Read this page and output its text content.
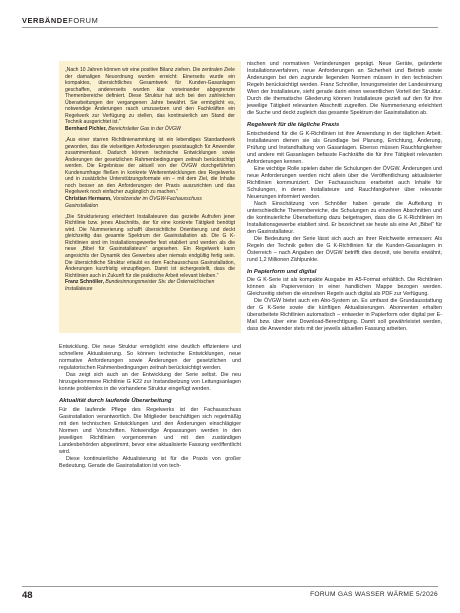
VERBÄNDEFORUM

„Nach 10 Jahren können wir eine positive Bilanz ziehen. Die zentralen Ziele der damaligen Neuordnung wurden erreicht: Einerseits wurde ein kompaktes, übersichtliches Gesamtwerk für Kunden-Gasanlagen geschaffen, andererseits wurden klar voneinander abgegrenzte Themenbereiche definiert. Diese Struktur hat sich bei den zahlreichen Überarbeitungen der vergangenen Jahre bewährt. Sie ermöglicht es, notwendige Änderungen rasch umzusetzen und den Fachkräften ein Regelwerk zur Verfügung zu stellen, das kontinuierlich am Stand der Technik ausgerichtet ist.“

Bernhard Pichler, Bereichsleiter Gas in der ÖVGW

„Aus einer starren Richtlinienammlung ist ein lebendiges Standardwerk geworden, das die vielseitigen Anforderungen praxistauglich für Anwender zusammenfasst. Dadurch können technische Entwicklungen sowie Änderungen der gesetzlichen Rahmenbedingungen zeitnah berücksichtigt werden. Die Ergebnisse der aktuell von der ÖVGW durchgeführten Kundenumfrage fließen in konkrete Weiterentwicklungen des Regelwerks und in zusätzliche Unterstützungsformate ein – mit dem Ziel, die Inhalte noch besser an den Anforderungen der Praxis auszurichten und das Regelwerk noch einfacher zugänglich zu machen.“

Christian Hermann, Vorsitzender im ÖVGW-Fachausschuss Gasinstallation

„Die Strukturierung erleichtert Installateuren das gezielte Aufrufen jener Richtlinie bzw. jenes Abschnitts, der für eine konkrete Tätigkeit benötigt wird. Die Nummerierung schafft übersichtliche Orientierung und deckt gleichzeitig das gesamte Spektrum der Gasinstallation ab. Die G K-Richtlinien sind im Installationsgewerbe fest etabliert und werden als die neue „Bibel für Gasinstallateure“ angesehen. Ein Regelwerk kann angesichts der Dynamik des Gewerbes aber niemals endgültig fertig sein. Die übersichtliche Struktur erlaubt es dem Fachausschuss Gasinstallation, Änderungen kurzfristig einzupflegen. Damit ist sichergestellt, dass die Richtlinien auch in Zukunft für die praktische Arbeit relevant bleiben.“

Franz Schnöller, Bundesinnungsmeister Stv. der Österreichischen Installateure

Entwicklung. Die neue Struktur ermöglicht eine deutlich effizientere und schnellere Aktualisierung. So können technische Entwicklungen, neue normative Anforderungen sowie Änderungen der gesetzlichen und regulatorischen Rahmenbedingungen zeitnah berücksichtigt werden.

Das zeigt sich auch an der Entwicklung der Serie selbst. Die neu hinzugekommene Richtlinie G K22 zur Instandsetzung von Leitungsanlagen konnte problemlos in die vorhandene Struktur eingefügt werden.

Aktualität durch laufende Überarbeitung

Für die laufende Pflege des Regelwerks ist der Fachausschuss Gasinstallation verantwortlich. Die Mitglieder beschäftigen sich regelmäßig mit den technischen Entwicklungen und den Änderungen einschlägiger Normen und Vorschriften. Notwendige Anpassungen werden in den jeweiligen Richtlinien vorgenommen und mit den zuständigen Landesbehörden abgestimmt, bevor eine aktualisierte Fassung veröffentlicht wird.

Diese kontinuierliche Aktualisierung ist für die Praxis von großer Bedeutung. Gerade die Gasinstallation ist von tech-

nischen und normativen Veränderungen geprägt. Neue Geräte, geänderte Installationsverfahren, neue Anforderungen an Sicherheit und Betrieb sowie Änderungen bei den zugrunde liegenden Normen müssen in den technischen Regeln berücksichtigt werden. Franz Schnöller, Innungsmeister der Landesinnung Wien der Installateure, sieht gerade darin einen wesentlichen Vorteil der Struktur. Durch die thematische Gliederung können Installateure gezielt auf den für ihre jeweilige Tätigkeit relevanten Abschnitt zugreifen. Die Nummerierung erleichtert die Suche und deckt zugleich das gesamte Spektrum der Gasinstallation ab.

Regelwerk für die tägliche Praxis

Entscheidend für die G K-Richtlinien ist ihre Anwendung in der täglichen Arbeit. Installateuren dienen sie als Grundlage bei Planung, Errichtung, Änderung, Prüfung und Instandhaltung von Gasanlagen. Ebenso müssen Rauchfangkehrer und andere mit Gasanlagen befasste Fachkräfte die für ihre Tätigkeit relevanten Anforderungen kennen.

Eine wichtige Rolle spielen daher die Schulungen der ÖVGW. Änderungen und neue Anforderungen werden nicht allein über die Veröffentlichung aktualisierter Richtlinien kommuniziert. Der Fachausschuss erarbeitet auch Inhalte für Schulungen, in denen Installateure und Rauchfangkehrer über relevante Neuerungen informiert werden.

Nach Einschätzung von Schnöller haben gerade die Aufteilung in unterschiedliche Themenbereiche, die Schulungen zu einzelnen Abschnitten und die kontinuierliche Überarbeitung dazu beigetragen, dass die G K-Richtlinien im Installationsgewerbe etabliert sind. Er bezeichnet sie heute als eine Art „Bibel“ für den Gasinstallateur.

Die Bedeutung der Serie lässt sich auch an ihrer Reichweite ermessen: Als Regeln der Technik gelten die G K-Richtlinien für die Kunden-Gasanlagen in Österreich – nach Angaben der ÖVGW betrifft dies derzeit, wie bereits erwähnt, rund 1,2 Millionen Zählpunkte.

In Papierform und digital

Die G K-Serie ist als kompakte Ausgabe im A5-Format erhältlich. Die Richtlinien können als Papierversion in einer handlichen Mappe bezogen werden. Gleichzeitig stehen die einzelnen Regeln auch digital als PDF zur Verfügung.

Die ÖVGW bietet auch ein Abo-System an. Es umfasst die Grundausstattung der G K-Serie sowie die künftigen Aktualisierungen. Abonnenten erhalten überarbeitete Richtlinien automatisch – entweder in Papierform oder digital per E-Mail bzw. über eine Download-Berechtigung. Damit soll gewährleistet werden, dass die Anwender stets mit der jeweils aktuellen Fassung arbeiten.

48	FORUM GAS WASSER WÄRME 5/2026
